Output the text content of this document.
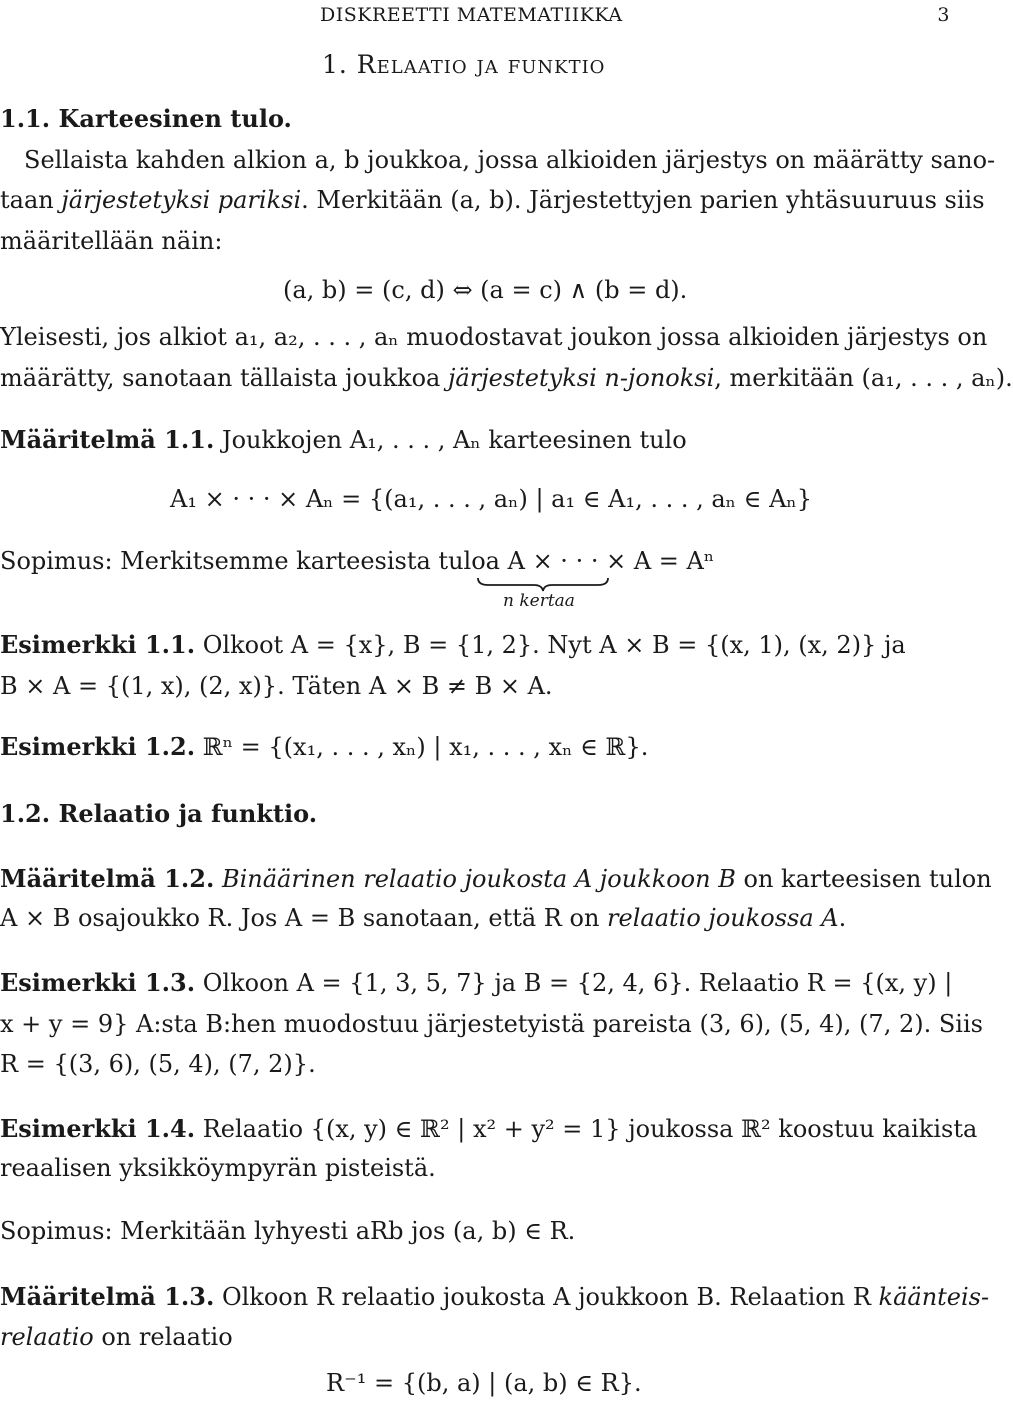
DISKREETTI MATEMATIIKKA	3
1. Relaatio ja funktio
1.1. Karteesinen tulo.
Sellaista kahden alkion a, b joukkoa, jossa alkioiden järjestys on määrätty sano-
taan järjestetyksi pariksi. Merkitään (a, b). Järjestettyjen parien yhtäsuuruus siis
määritellään näin:
(a, b) = (c, d) ⇔ (a = c) ∧ (b = d).
Yleisesti, jos alkiot a₁, a₂, . . . , aₙ muodostavat joukon jossa alkioiden järjestys on
määrätty, sanotaan tällaista joukkoa järjestetyksi n-jonoksi, merkitään (a₁, . . . , aₙ).
Määritelmä 1.1. Joukkojen A₁, . . . , Aₙ karteesinen tulo
A₁ × · · · × Aₙ = {(a₁, . . . , aₙ) | a₁ ∈ A₁, . . . , aₙ ∈ Aₙ}
Sopimus: Merkitsemme karteesista tuloa A × · · · × A = Aⁿ
n kertaa
Esimerkki 1.1. Olkoot A = {x}, B = {1, 2}. Nyt A × B = {(x, 1), (x, 2)} ja
B × A = {(1, x), (2, x)}. Täten A × B ≠ B × A.
Esimerkki 1.2. ℝⁿ = {(x₁, . . . , xₙ) | x₁, . . . , xₙ ∈ ℝ}.
1.2. Relaatio ja funktio.
Määritelmä 1.2. Binäärinen relaatio joukosta A joukkoon B on karteesisen tulon
A × B osajoukko R. Jos A = B sanotaan, että R on relaatio joukossa A.
Esimerkki 1.3. Olkoon A = {1, 3, 5, 7} ja B = {2, 4, 6}. Relaatio R = {(x, y) |
x + y = 9} A:sta B:hen muodostuu järjestetyistä pareista (3, 6), (5, 4), (7, 2). Siis
R = {(3, 6), (5, 4), (7, 2)}.
Esimerkki 1.4. Relaatio {(x, y) ∈ ℝ² | x² + y² = 1} joukossa ℝ² koostuu kaikista
reaalisen yksikköympyrän pisteistä.
Sopimus: Merkitään lyhyesti aRb jos (a, b) ∈ R.
Määritelmä 1.3. Olkoon R relaatio joukosta A joukkoon B. Relaation R käänteis-
relaatio on relaatio
R⁻¹ = {(b, a) | (a, b) ∈ R}.
